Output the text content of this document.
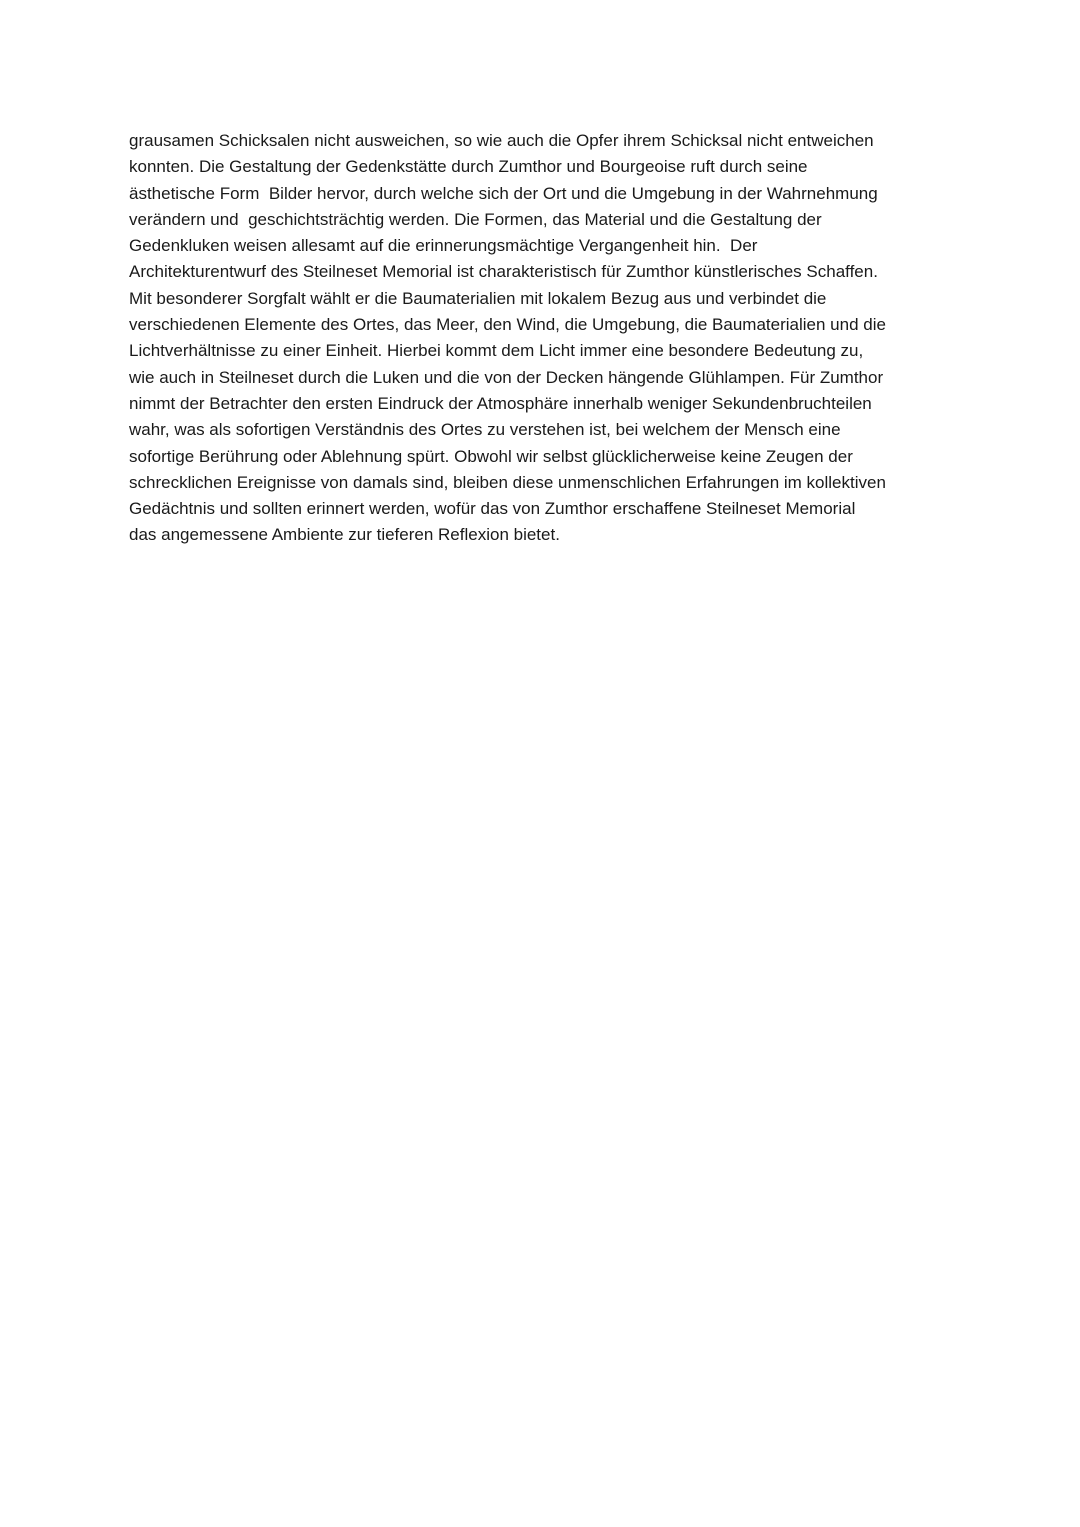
grausamen Schicksalen nicht ausweichen, so wie auch die Opfer ihrem Schicksal nicht entweichen
konnten. Die Gestaltung der Gedenkstätte durch Zumthor und Bourgeoise ruft durch seine
ästhetische Form  Bilder hervor, durch welche sich der Ort und die Umgebung in der Wahrnehmung
verändern und  geschichtsträchtig werden. Die Formen, das Material und die Gestaltung der
Gedenkluken weisen allesamt auf die erinnerungsmächtige Vergangenheit hin.  Der
Architekturentwurf des Steilneset Memorial ist charakteristisch für Zumthor künstlerisches Schaffen.
Mit besonderer Sorgfalt wählt er die Baumaterialien mit lokalem Bezug aus und verbindet die
verschiedenen Elemente des Ortes, das Meer, den Wind, die Umgebung, die Baumaterialien und die
Lichtverhältnisse zu einer Einheit. Hierbei kommt dem Licht immer eine besondere Bedeutung zu,
wie auch in Steilneset durch die Luken und die von der Decken hängende Glühlampen. Für Zumthor
nimmt der Betrachter den ersten Eindruck der Atmosphäre innerhalb weniger Sekundenbruchteilen
wahr, was als sofortigen Verständnis des Ortes zu verstehen ist, bei welchem der Mensch eine
sofortige Berührung oder Ablehnung spürt. Obwohl wir selbst glücklicherweise keine Zeugen der
schrecklichen Ereignisse von damals sind, bleiben diese unmenschlichen Erfahrungen im kollektiven
Gedächtnis und sollten erinnert werden, wofür das von Zumthor erschaffene Steilneset Memorial
das angemessene Ambiente zur tieferen Reflexion bietet.
